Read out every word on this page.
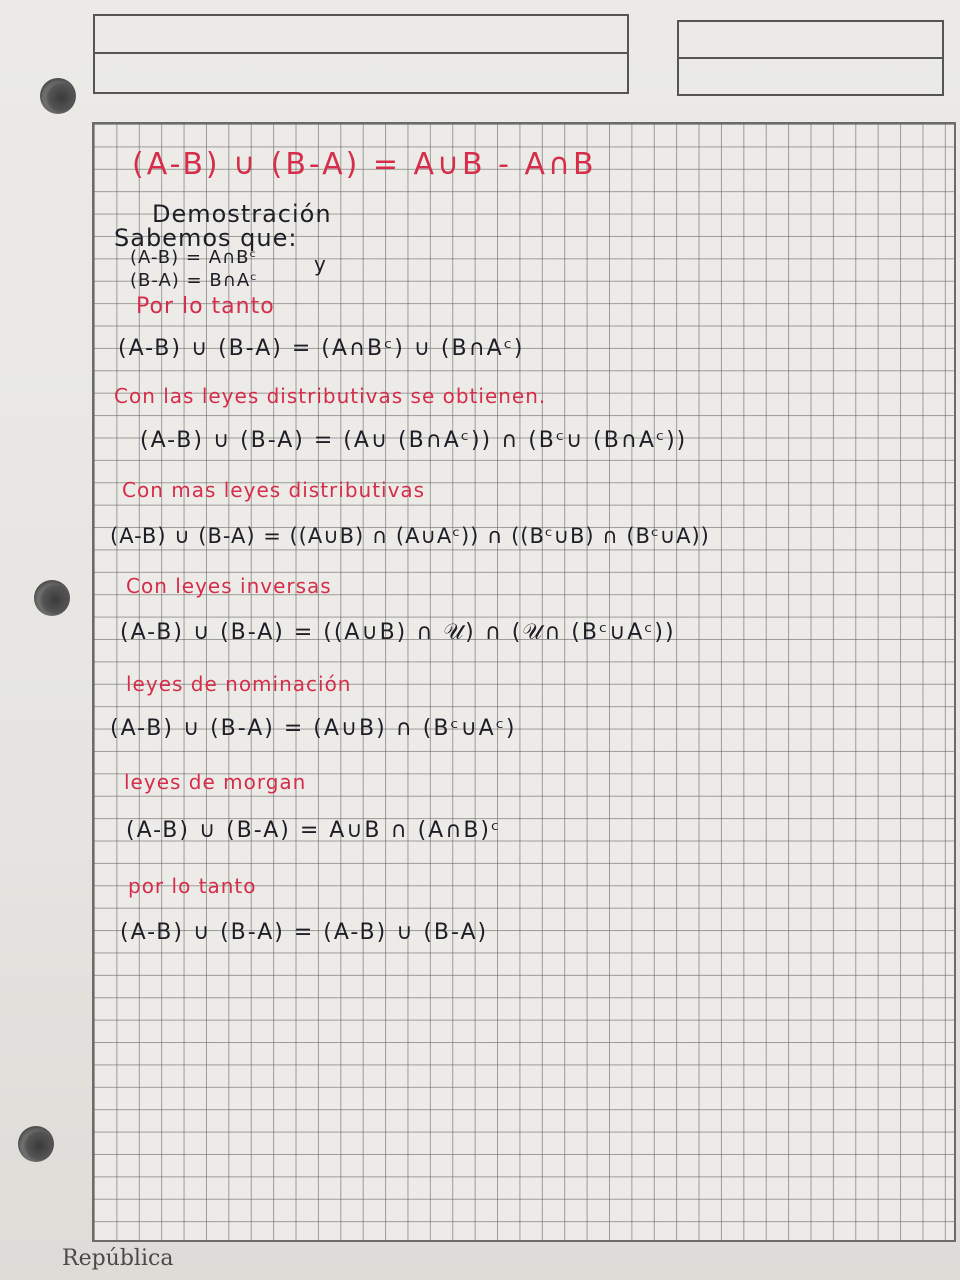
(A-B) ∪ (B-A) = A∪B - A∩B
Demostración
Sabemos que:
(A-B) = A∩Bᶜ	y
(B-A) = B∩Aᶜ
Por lo tanto
(A-B) ∪ (B-A) = (A∩Bᶜ) ∪ (B∩Aᶜ)
Con las leyes distributivas se obtienen.
(A-B) ∪ (B-A) = (A∪ (B∩Aᶜ)) ∩ (Bᶜ∪ (B∩Aᶜ))
Con mas leyes distributivas
(A-B) ∪ (B-A) = ((A∪B) ∩ (A∪Aᶜ)) ∩ ((Bᶜ∪B) ∩ (Bᶜ∪A))
Con leyes inversas
(A-B) ∪ (B-A) = ((A∪B) ∩ 𝒰) ∩ (𝒰∩ (Bᶜ∪Aᶜ))
leyes de nominación
(A-B) ∪ (B-A) = (A∪B) ∩ (Bᶜ∪Aᶜ)
leyes de morgan
(A-B) ∪ (B-A) = A∪B ∩ (A∩B)ᶜ
por lo tanto
(A-B) ∪ (B-A) = (A-B) ∪ (B-A)
República
